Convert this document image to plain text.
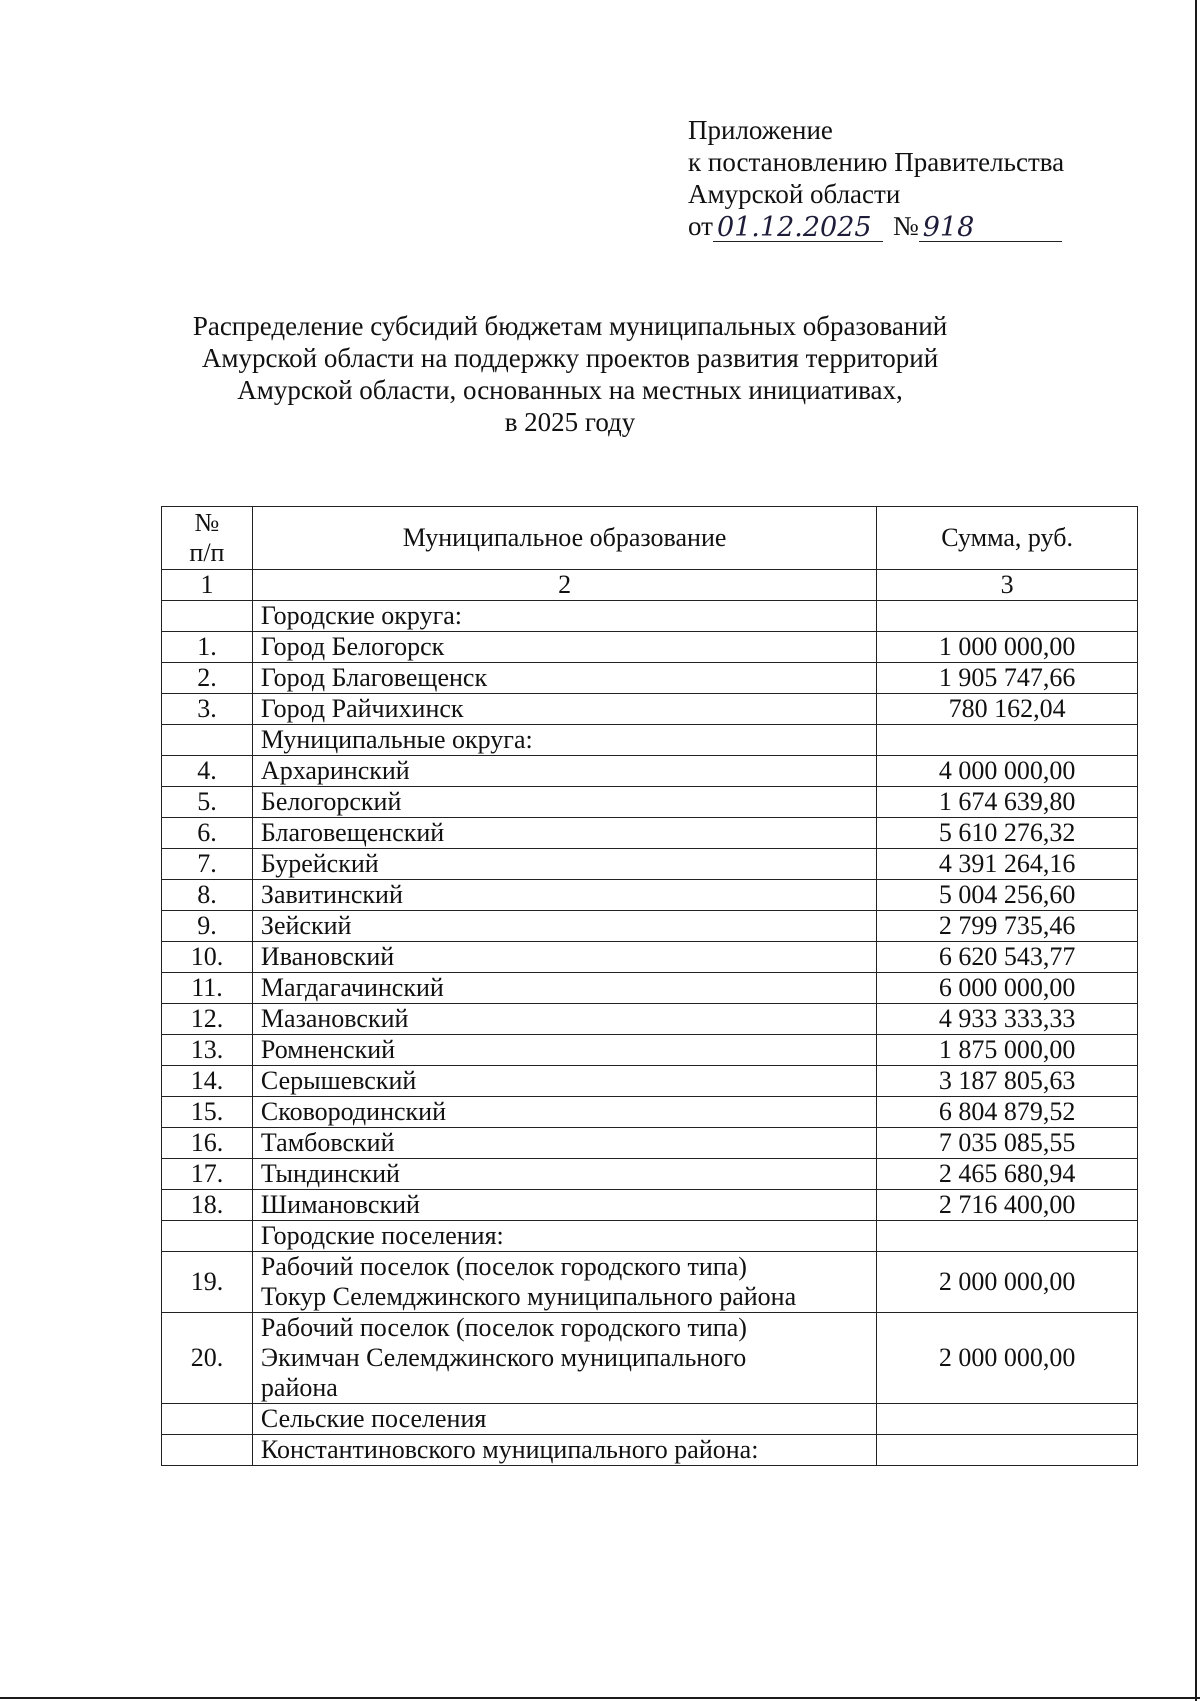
Приложение
к постановлению Правительства
Амурской области
от 01.12.2025 № 918
Распределение субсидий бюджетам муниципальных образований
Амурской области на поддержку проектов развития территорий
Амурской области, основанных на местных инициативах,
в 2025 году
№
п/п	Муниципальное образование	Сумма, руб.
1	2	3
	Городские округа:	
1.	Город Белогорск	1 000 000,00
2.	Город Благовещенск	1 905 747,66
3.	Город Райчихинск	780 162,04
	Муниципальные округа:	
4.	Архаринский	4 000 000,00
5.	Белогорский	1 674 639,80
6.	Благовещенский	5 610 276,32
7.	Бурейский	4 391 264,16
8.	Завитинский	5 004 256,60
9.	Зейский	2 799 735,46
10.	Ивановский	6 620 543,77
11.	Магдагачинский	6 000 000,00
12.	Мазановский	4 933 333,33
13.	Ромненский	1 875 000,00
14.	Серышевский	3 187 805,63
15.	Сковородинский	6 804 879,52
16.	Тамбовский	7 035 085,55
17.	Тындинский	2 465 680,94
18.	Шимановский	2 716 400,00
	Городские поселения:	
19.	Рабочий поселок (поселок городского типа)
Токур Селемджинского муниципального района	2 000 000,00
20.	Рабочий поселок (поселок городского типа)
Экимчан Селемджинского муниципального
района	2 000 000,00
	Сельские поселения	
	Константиновского муниципального района:	
